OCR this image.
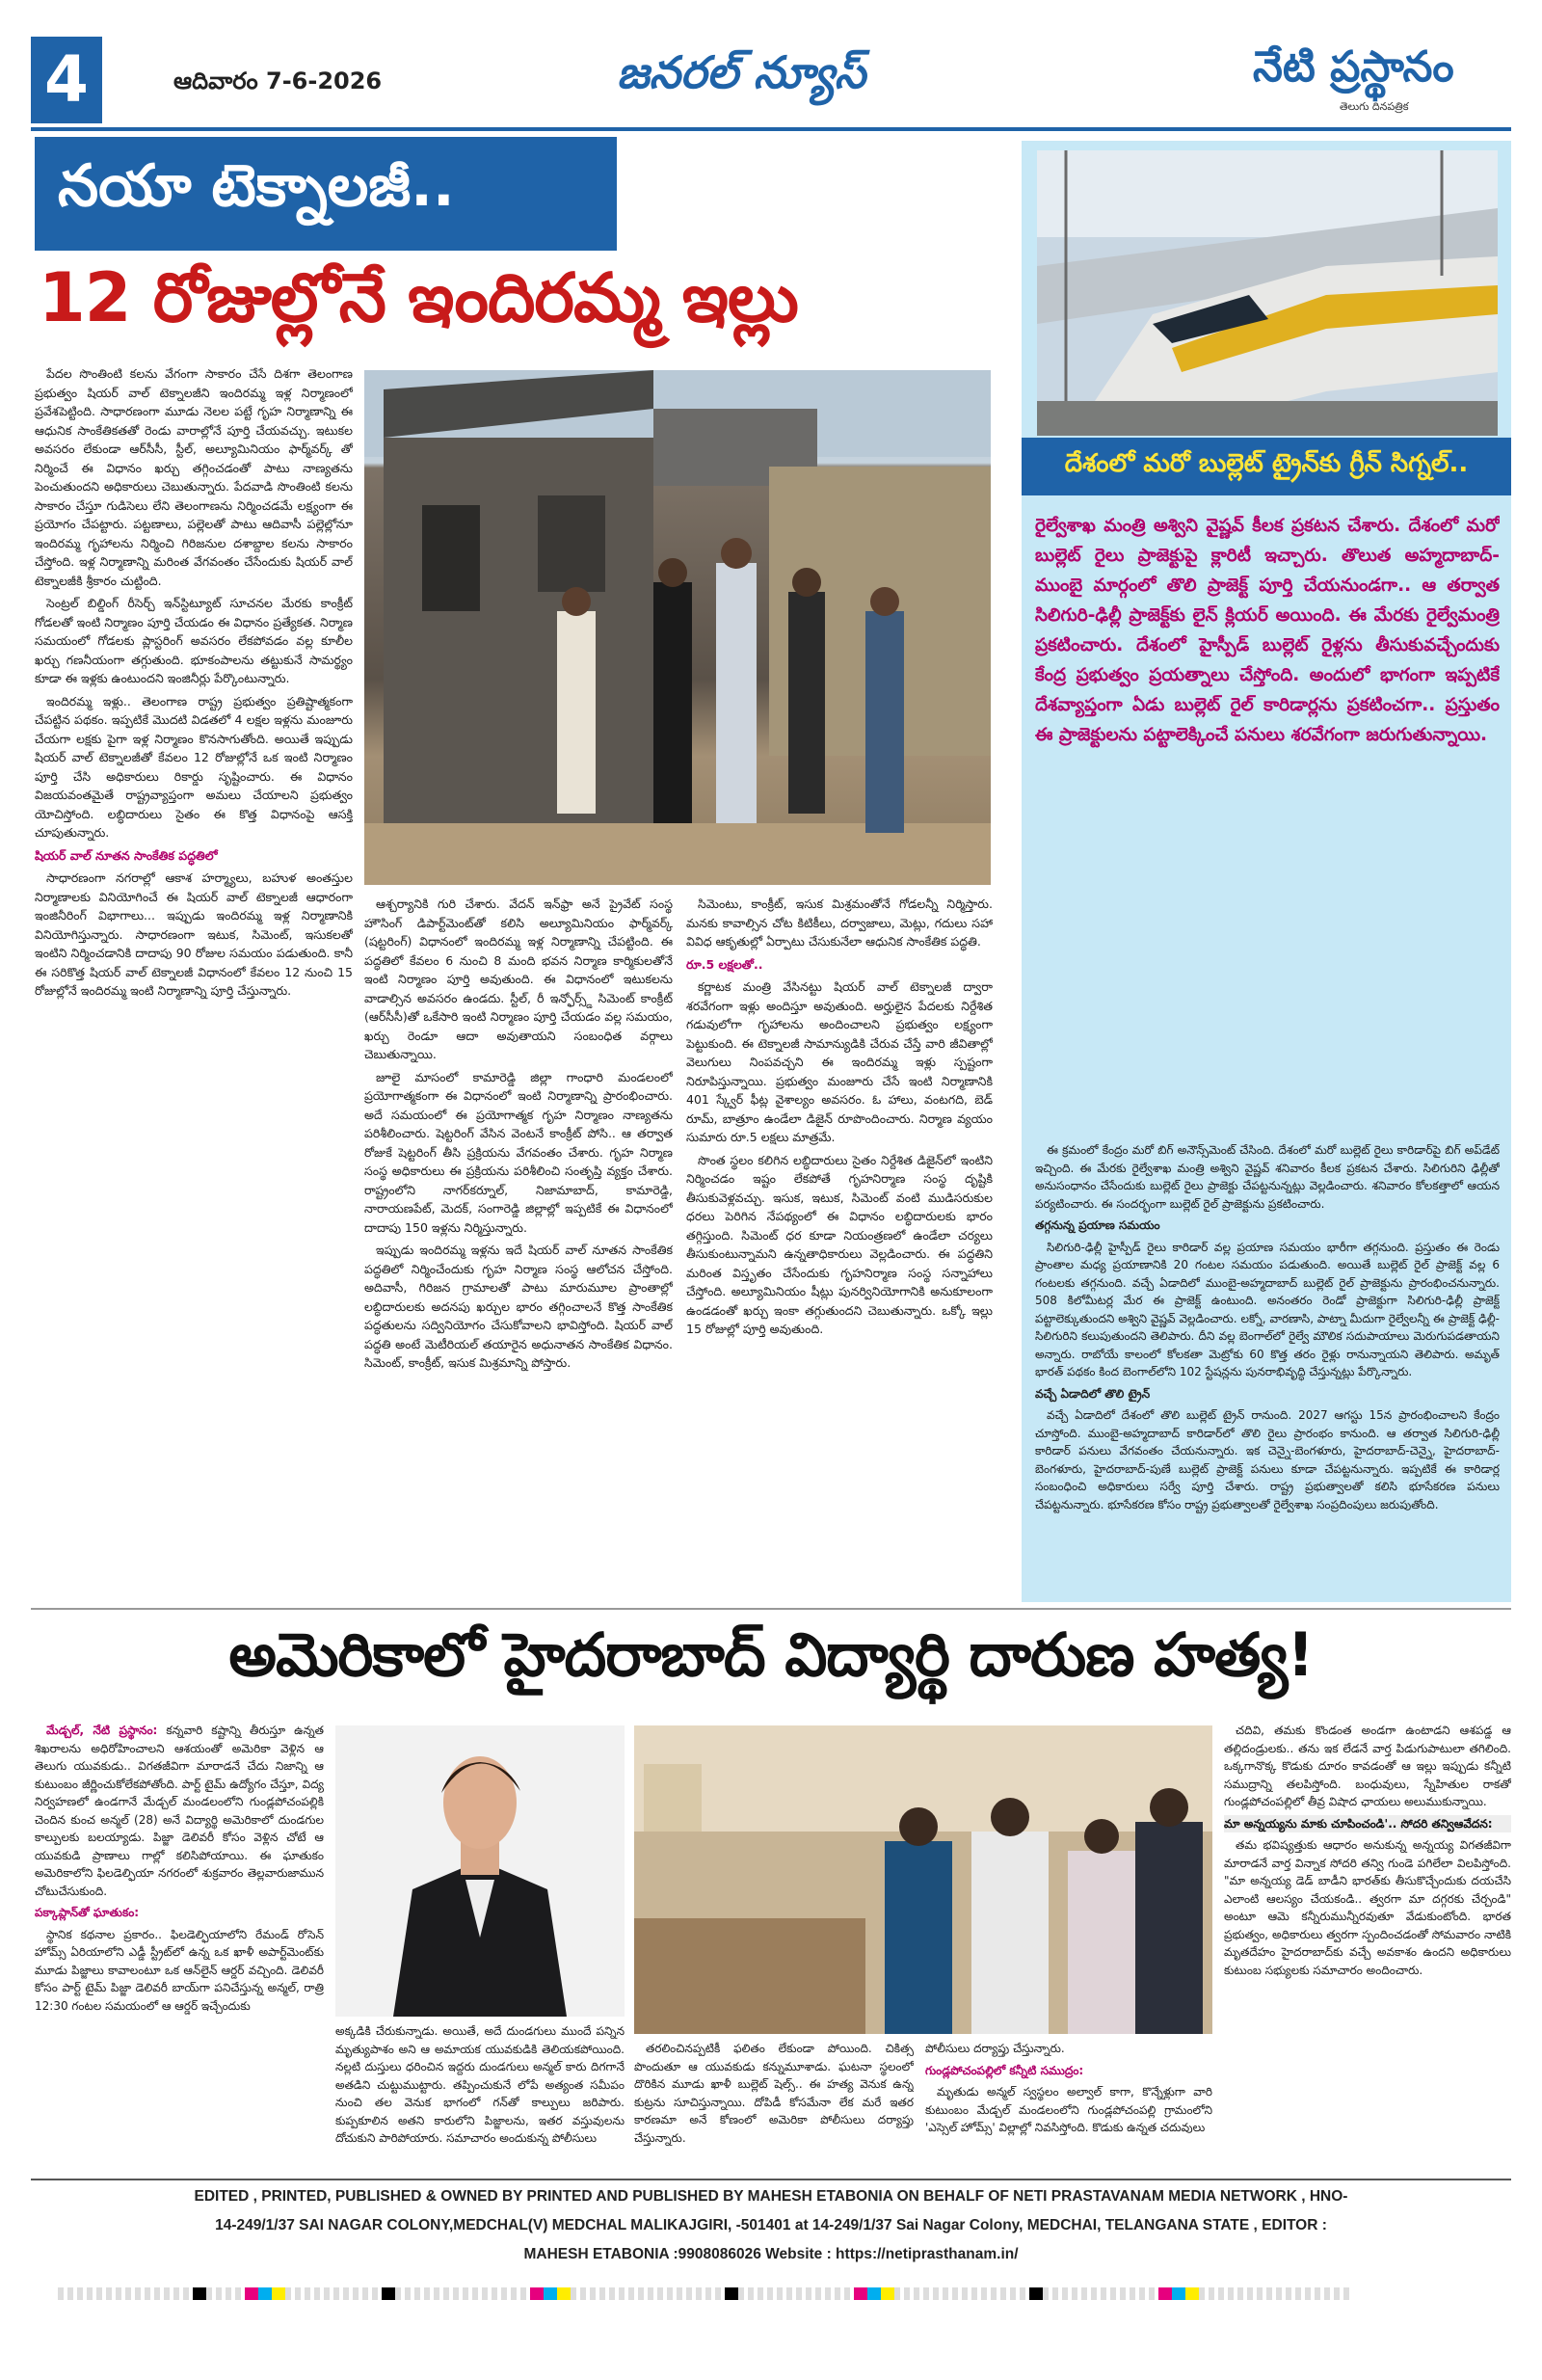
4	ఆదివారం 7-6-2026	జనరల్ న్యూస్	నేటి ప్రస్థానం
తెలుగు దినపత్రిక
నయా టెక్నాలజీ..
12 రోజుల్లోనే ఇందిరమ్మ ఇల్లు

పేదల సొంతింటి కలను వేగంగా సాకారం చేసే దిశగా తెలంగాణ ప్రభుత్వం షియర్ వాల్ టెక్నాలజీని ఇందిరమ్మ ఇళ్ల నిర్మాణంలో ప్రవేశపెట్టింది. సాధారణంగా మూడు నెలల పట్టే గృహ నిర్మాణాన్ని ఈ ఆధునిక సాంకేతికతతో రెండు వారాల్లోనే పూర్తి చేయవచ్చు. ఇటుకల అవసరం లేకుండా ఆర్‌సీసీ, స్టీల్, అల్యూమినియం ఫార్మ్‌వర్క్ తో నిర్మించే ఈ విధానం ఖర్చు తగ్గించడంతో పాటు నాణ్యతను పెంచుతుందని అధికారులు చెబుతున్నారు. పేదవాడి సొంతింటి కలను సాకారం చేస్తూ గుడిసెలు లేని తెలంగాణను నిర్మించడమే లక్ష్యంగా ఈ ప్రయోగం చేపట్టారు. పట్టణాలు, పల్లెలతో పాటు ఆదివాసీ పల్లెల్లోనూ ఇందిరమ్మ గృహాలను నిర్మించి గిరిజనుల దశాబ్దాల కలను సాకారం చేస్తోంది. ఇళ్ల నిర్మాణాన్ని మరింత వేగవంతం చేసేందుకు షియర్ వాల్ టెక్నాలజీకి శ్రీకారం చుట్టింది.

సెంట్రల్ బిల్డింగ్ రీసెర్చ్ ఇన్‌స్టిట్యూట్ సూచనల మేరకు కాంక్రీట్ గోడలతో ఇంటి నిర్మాణం పూర్తి చేయడం ఈ విధానం ప్రత్యేకత. నిర్మాణ సమయంలో గోడలకు ప్లాస్టరింగ్ అవసరం లేకపోవడం వల్ల కూలీల ఖర్చు గణనీయంగా తగ్గుతుంది. భూకంపాలను తట్టుకునే సామర్థ్యం కూడా ఈ ఇళ్లకు ఉంటుందని ఇంజినీర్లు పేర్కొంటున్నారు.

ఇందిరమ్మ ఇళ్లు.. తెలంగాణ రాష్ట్ర ప్రభుత్వం ప్రతిష్టాత్మకంగా చేపట్టిన పథకం. ఇప్పటికే మొదటి విడతలో 4 లక్షల ఇళ్లను మంజూరు చేయగా లక్షకు పైగా ఇళ్ల నిర్మాణం కొనసాగుతోంది. అయితే ఇప్పుడు షియర్ వాల్ టెక్నాలజీతో కేవలం 12 రోజుల్లోనే ఒక ఇంటి నిర్మాణం పూర్తి చేసి అధికారులు రికార్డు సృష్టించారు. ఈ విధానం విజయవంతమైతే రాష్ట్రవ్యాప్తంగా అమలు చేయాలని ప్రభుత్వం యోచిస్తోంది. లబ్ధిదారులు సైతం ఈ కొత్త విధానంపై ఆసక్తి చూపుతున్నారు.

షియర్ వాల్ నూతన సాంకేతిక పద్ధతిలో

సాధారణంగా నగరాల్లో ఆకాశ హర్మ్యాలు, బహుళ అంతస్తుల నిర్మాణాలకు వినియోగించే ఈ షియర్ వాల్ టెక్నాలజీ ఆధారంగా ఇంజినీరింగ్ విభాగాలు... ఇప్పుడు ఇందిరమ్మ ఇళ్ల నిర్మాణానికి వినియోగిస్తున్నారు. సాధారణంగా ఇటుక, సిమెంట్, ఇసుకలతో ఇంటిని నిర్మించడానికి దాదాపు 90 రోజుల సమయం పడుతుంది. కానీ ఈ సరికొత్త షియర్ వాల్ టెక్నాలజీ విధానంలో కేవలం 12 నుంచి 15 రోజుల్లోనే ఇందిరమ్మ ఇంటి నిర్మాణాన్ని పూర్తి చేస్తున్నారు.

ఆశ్చర్యానికి గురి చేశారు. వేదన్ ఇన్‌ఫ్రా అనే ప్రైవేట్ సంస్థ హౌసింగ్ డిపార్ట్‌మెంట్‌తో కలిసి అల్యూమినియం ఫార్మ్‌వర్క్ (షట్టరింగ్) విధానంలో ఇందిరమ్మ ఇళ్ల నిర్మాణాన్ని చేపట్టింది. ఈ పద్ధతిలో కేవలం 6 నుంచి 8 మంది భవన నిర్మాణ కార్మికులతోనే ఇంటి నిర్మాణం పూర్తి అవుతుంది. ఈ విధానంలో ఇటుకలను వాడాల్సిన అవసరం ఉండదు. స్టీల్, రీ ఇన్ఫోర్స్డ్ సిమెంట్ కాంక్రీట్ (ఆర్‌సీసీ)తో ఒకేసారి ఇంటి నిర్మాణం పూర్తి చేయడం వల్ల సమయం, ఖర్చు రెండూ ఆదా అవుతాయని సంబంధిత వర్గాలు చెబుతున్నాయి.

జూలై మాసంలో కామారెడ్డి జిల్లా గాంధారి మండలంలో ప్రయోగాత్మకంగా ఈ విధానంలో ఇంటి నిర్మాణాన్ని ప్రారంభించారు. అదే సమయంలో ఈ ప్రయోగాత్మక గృహ నిర్మాణం నాణ్యతను పరిశీలించారు. షెట్టరింగ్ వేసిన వెంటనే కాంక్రీట్ పోసి.. ఆ తర్వాత రోజుకే షెట్టరింగ్ తీసి ప్రక్రియను వేగవంతం చేశారు. గృహ నిర్మాణ సంస్థ అధికారులు ఈ ప్రక్రియను పరిశీలించి సంతృప్తి వ్యక్తం చేశారు. రాష్ట్రంలోని నాగర్‌కర్నూల్, నిజామాబాద్, కామారెడ్డి, నారాయణపేట్, మెదక్, సంగారెడ్డి జిల్లాల్లో ఇప్పటికే ఈ విధానంలో దాదాపు 150 ఇళ్లను నిర్మిస్తున్నారు.

ఇప్పుడు ఇందిరమ్మ ఇళ్లను ఇదే షియర్ వాల్ నూతన సాంకేతిక పద్ధతిలో నిర్మించేందుకు గృహ నిర్మాణ సంస్థ ఆలోచన చేస్తోంది. అదివాసీ, గిరిజన గ్రామాలతో పాటు మారుమూల ప్రాంతాల్లో లబ్ధిదారులకు అదనపు ఖర్చుల భారం తగ్గించాలనే కొత్త సాంకేతిక పద్ధతులను సద్వినియోగం చేసుకోవాలని భావిస్తోంది. షియర్ వాల్ పద్ధతి అంటే మెటీరియల్ తయారైన అధునాతన సాంకేతిక విధానం. సిమెంట్, కాంక్రీట్, ఇసుక మిశ్రమాన్ని పోస్తారు.

సిమెంటు, కాంక్రీట్, ఇసుక మిశ్రమంతోనే గోడలన్నీ నిర్మిస్తారు. మనకు కావాల్సిన చోట కిటికీలు, దర్వాజాలు, మెట్లు, గదులు సహా వివిధ ఆకృతుల్లో ఏర్పాటు చేసుకునేలా ఆధునిక సాంకేతిక పద్ధతి.

రూ.5 లక్షలతో..

కర్ణాటక మంత్రి వేసినట్టు షియర్ వాల్ టెక్నాలజీ ద్వారా శరవేగంగా ఇళ్లు అందిస్తూ అవుతుంది. అర్హులైన పేదలకు నిర్దేశిత గడువులోగా గృహాలను అందించాలని ప్రభుత్వం లక్ష్యంగా పెట్టుకుంది. ఈ టెక్నాలజీ సామాన్యుడికి చేరువ చేస్తే వారి జీవితాల్లో వెలుగులు నింపవచ్చని ఈ ఇందిరమ్మ ఇళ్లు స్పష్టంగా నిరూపిస్తున్నాయి. ప్రభుత్వం మంజూరు చేసే ఇంటి నిర్మాణానికి 401 స్క్వేర్ ఫీట్ల వైశాల్యం అవసరం. ఓ హాలు, వంటగది, బెడ్ రూమ్, బాత్రూం ఉండేలా డిజైన్ రూపొందించారు. నిర్మాణ వ్యయం సుమారు రూ.5 లక్షలు మాత్రమే.

సొంత స్థలం కలిగిన లబ్ధిదారులు సైతం నిర్దేశిత డిజైన్‌లో ఇంటిని నిర్మించడం ఇష్టం లేకపోతే గృహనిర్మాణ సంస్థ దృష్టికి తీసుకువెళ్లవచ్చు. ఇసుక, ఇటుక, సిమెంట్ వంటి ముడిసరుకుల ధరలు పెరిగిన నేపథ్యంలో ఈ విధానం లబ్ధిదారులకు భారం తగ్గిస్తుంది. సిమెంట్ ధర కూడా నియంత్రణలో ఉండేలా చర్యలు తీసుకుంటున్నామని ఉన్నతాధికారులు వెల్లడించారు. ఈ పద్ధతిని మరింత విస్తృతం చేసేందుకు గృహనిర్మాణ సంస్థ సన్నాహాలు చేస్తోంది. అల్యూమినియం షీట్లు పునర్వినియోగానికి అనుకూలంగా ఉండడంతో ఖర్చు ఇంకా తగ్గుతుందని చెబుతున్నారు. ఒక్కో ఇల్లు 15 రోజుల్లో పూర్తి అవుతుంది.

దేశంలో మరో బుల్లెట్ ట్రైన్‌కు గ్రీన్ సిగ్నల్..
రైల్వేశాఖ మంత్రి అశ్విని వైష్ణవ్ కీలక ప్రకటన చేశారు. దేశంలో మరో బుల్లెట్ రైలు ప్రాజెక్టుపై క్లారిటీ ఇచ్చారు. తొలుత అహ్మదాబాద్-ముంబై మార్గంలో తొలి ప్రాజెక్ట్ పూర్తి చేయనుండగా.. ఆ తర్వాత సిలిగురి-ఢిల్లీ ప్రాజెక్ట్‌కు లైన్ క్లియర్ అయింది. ఈ మేరకు రైల్వేమంత్రి ప్రకటించారు. దేశంలో హైస్పీడ్ బుల్లెట్ రైళ్లను తీసుకువచ్చేందుకు కేంద్ర ప్రభుత్వం ప్రయత్నాలు చేస్తోంది. అందులో భాగంగా ఇప్పటికే దేశవ్యాప్తంగా ఏడు బుల్లెట్ రైల్ కారిడార్లను ప్రకటించగా.. ప్రస్తుతం ఈ ప్రాజెక్టులను పట్టాలెక్కించే పనులు శరవేగంగా జరుగుతున్నాయి.

ఈ క్రమంలో కేంద్రం మరో బిగ్ అనౌన్స్‌మెంట్ చేసింది. దేశంలో మరో బుల్లెట్ రైలు కారిడార్‌పై బిగ్ అప్‌డేట్ ఇచ్చింది. ఈ మేరకు రైల్వేశాఖ మంత్రి అశ్విని వైష్ణవ్ శనివారం కీలక ప్రకటన చేశారు. సిలిగురిని ఢిల్లీతో అనుసంధానం చేసేందుకు బుల్లెట్ రైలు ప్రాజెక్టు చేపట్టనున్నట్లు వెల్లడించారు. శనివారం కోలకత్తాలో ఆయన పర్యటించారు. ఈ సందర్భంగా బుల్లెట్ రైల్ ప్రాజెక్టును ప్రకటించారు.

తగ్గనున్న ప్రయాణ సమయం

సిలిగురి-ఢిల్లీ హైస్పీడ్ రైలు కారిడార్ వల్ల ప్రయాణ సమయం భారీగా తగ్గనుంది. ప్రస్తుతం ఈ రెండు ప్రాంతాల మధ్య ప్రయాణానికి 20 గంటల సమయం పడుతుంది. అయితే బుల్లెట్ రైల్ ప్రాజెక్ట్ వల్ల 6 గంటలకు తగ్గనుంది. వచ్చే ఏడాదిలో ముంబై-అహ్మదాబాద్ బుల్లెట్ రైల్ ప్రాజెక్టును ప్రారంభించనున్నారు. 508 కిలోమీటర్ల మేర ఈ ప్రాజెక్ట్ ఉంటుంది. అనంతరం రెండో ప్రాజెక్టుగా సిలిగురి-ఢిల్లీ ప్రాజెక్ట్ పట్టాలెక్కుతుందని అశ్విని వైష్ణవ్ వెల్లడించారు. లక్నో, వారణాసి, పాట్నా మీదుగా రైల్వేలన్నీ ఈ ప్రాజెక్ట్ ఢిల్లీ-సిలిగురిని కలుపుతుందని తెలిపారు. దీని వల్ల బెంగాల్‌లో రైల్వే మౌలిక సదుపాయాలు మెరుగుపడతాయని అన్నారు. రాబోయే కాలంలో కోలకతా మెట్రోకు 60 కొత్త తరం రైళ్లు రానున్నాయని తెలిపారు. అమృత్ భారత్ పథకం కింద బెంగాల్‌లోని 102 స్టేషన్లను పునరాభివృద్ధి చేస్తున్నట్లు పేర్కొన్నారు.

వచ్చే ఏడాదిలో తొలి ట్రైన్

వచ్చే ఏడాదిలో దేశంలో తొలి బుల్లెట్ ట్రైన్ రానుంది. 2027 ఆగస్టు 15న ప్రారంభించాలని కేంద్రం చూస్తోంది. ముంబై-అహ్మదాబాద్ కారిడార్‌లో తొలి రైలు ప్రారంభం కానుంది. ఆ తర్వాత సిలిగురి-ఢిల్లీ కారిడార్ పనులు వేగవంతం చేయనున్నారు. ఇక చెన్నై-బెంగళూరు, హైదరాబాద్-చెన్నై, హైదరాబాద్-బెంగళూరు, హైదరాబాద్-పుణే బుల్లెట్ ప్రాజెక్ట్ పనులు కూడా చేపట్టనున్నారు. ఇప్పటికే ఈ కారిడార్ల సంబంధించి అధికారులు సర్వే పూర్తి చేశారు. రాష్ట్ర ప్రభుత్వాలతో కలిసి భూసేకరణ పనులు చేపట్టనున్నారు. భూసేకరణ కోసం రాష్ట్ర ప్రభుత్వాలతో రైల్వేశాఖ సంప్రదింపులు జరుపుతోంది.

అమెరికాలో హైదరాబాద్ విద్యార్థి దారుణ హత్య!

మేడ్చల్, నేటి ప్రస్థానం: కన్నవారి కష్టాన్ని తీరుస్తూ ఉన్నత శిఖరాలను అధిరోహించాలని ఆశయంతో అమెరికా వెళ్లిన ఆ తెలుగు యువకుడు.. విగతజీవిగా మారాడనే చేదు నిజాన్ని ఆ కుటుంబం జీర్ణించుకోలేకపోతోంది. పార్ట్ టైమ్ ఉద్యోగం చేస్తూ, విద్య నిర్వహణలో ఉండగానే మేడ్చల్ మండలంలోని గుండ్లపోచంపల్లికి చెందిన కుంచ అన్మల్ (28) అనే విద్యార్థి అమెరికాలో దుండగుల కాల్పులకు బలయ్యాడు. పిజ్జా డెలివరీ కోసం వెళ్లిన చోటే ఆ యువకుడి ప్రాణాలు గాల్లో కలిసిపోయాయి. ఈ ఘాతుకం అమెరికాలోని ఫిలడెల్ఫియా నగరంలో శుక్రవారం తెల్లవారుజామున చోటుచేసుకుంది.

పక్కాప్లాన్‌తో ఘాతుకం:

స్థానిక కథనాల ప్రకారం.. ఫిలడెల్ఫియాలోని రేమండ్ రోసెన్ హోమ్స్ ఏరియాలోని ఎడ్డీ స్ట్రీట్‌లో ఉన్న ఒక ఖాళీ అపార్ట్‌మెంట్‌కు మూడు పిజ్జాలు కావాలంటూ ఒక ఆన్‌లైన్ ఆర్డర్ వచ్చింది. డెలివరీ కోసం పార్ట్ టైమ్ పిజ్జా డెలివరీ బాయ్‌గా పనిచేస్తున్న అన్మల్, రాత్రి 12:30 గంటల సమయంలో ఆ ఆర్డర్ ఇచ్చేందుకు

అక్కడికి చేరుకున్నాడు. అయితే, అదే దుండగులు ముందే పన్నిన మృత్యుపాశం అని ఆ అమాయక యువకుడికి తెలియకపోయింది. నల్లటి దుస్తులు ధరించిన ఇద్దరు దుండగులు అన్మల్ కారు దిగగానే అతడిని చుట్టుముట్టారు. తప్పించుకునే లోపే అత్యంత సమీపం నుంచి తల వెనుక భాగంలో గన్‌తో కాల్పులు జరిపారు. కుప్పకూలిన అతని కారులోని పిజ్జాలను, ఇతర వస్తువులను దోచుకుని పారిపోయారు. సమాచారం అందుకున్న పోలీసులు

తరలించినప్పటికీ ఫలితం లేకుండా పోయింది. చికిత్స పొందుతూ ఆ యువకుడు కన్నుమూశాడు. ఘటనా స్థలంలో దొరికిన మూడు ఖాళీ బుల్లెట్ షెల్స్.. ఈ హత్య వెనుక ఉన్న కుట్రను సూచిస్తున్నాయి. దోపిడీ కోసమేనా లేక మరే ఇతర కారణమా అనే కోణంలో అమెరికా పోలీసులు దర్యాప్తు చేస్తున్నారు.

పోలీసులు దర్యాప్తు చేస్తున్నారు.

గుండ్లపోచంపల్లిలో కన్నీటి సముద్రం:

మృతుడు అన్మల్ స్వస్థలం అల్వాల్ కాగా, కొన్నేళ్లుగా వారి కుటుంబం మేడ్చల్ మండలంలోని గుండ్లపోచంపల్లి గ్రామంలోని 'ఎస్సెల్ హోమ్స్' విల్లాల్లో నివసిస్తోంది. కొడుకు ఉన్నత చదువులు

చదివి, తమకు కొండంత అండగా ఉంటాడని ఆశపడ్డ ఆ తల్లిదండ్రులకు.. తను ఇక లేడనే వార్త పిడుగుపాటులా తగిలింది. ఒక్కగానొక్క కొడుకు దూరం కావడంతో ఆ ఇల్లు ఇప్పుడు కన్నీటి సముద్రాన్ని తలపిస్తోంది. బంధువులు, స్నేహితుల రాకతో గుండ్లపోచంపల్లిలో తీవ్ర విషాద ఛాయలు అలుముకున్నాయి.

మా అన్నయ్యను మాకు చూపించండి'.. సోదరి తన్విఆవేదన:

తమ భవిష్యత్తుకు ఆధారం అనుకున్న అన్నయ్య విగతజీవిగా మారాడనే వార్త విన్నాక సోదరి తన్వి గుండె పగిలేలా విలపిస్తోంది. "మా అన్నయ్య డెడ్ బాడీని భారత్‌కు తీసుకొచ్చేందుకు దయచేసి ఎలాంటి ఆలస్యం చేయకండి.. త్వరగా మా దగ్గరకు చేర్చండి" అంటూ ఆమె కన్నీరుమున్నీరవుతూ వేడుకుంటోంది. భారత ప్రభుత్వం, అధికారులు త్వరగా స్పందించడంతో సోమవారం నాటికి మృతదేహం హైదరాబాద్‌కు వచ్చే అవకాశం ఉందని అధికారులు కుటుంబ సభ్యులకు సమాచారం అందించారు.

EDITED , PRINTED, PUBLISHED & OWNED BY PRINTED AND PUBLISHED BY MAHESH ETABONIA ON BEHALF OF NETI PRASTAVANAM MEDIA NETWORK , HNO-
14-249/1/37 SAI NAGAR COLONY,MEDCHAL(V) MEDCHAL MALIKAJGIRI, -501401 at 14-249/1/37 Sai Nagar Colony, MEDCHAI, TELANGANA STATE , EDITOR :
MAHESH ETABONIA :9908086026 Website : https://netiprasthanam.in/
